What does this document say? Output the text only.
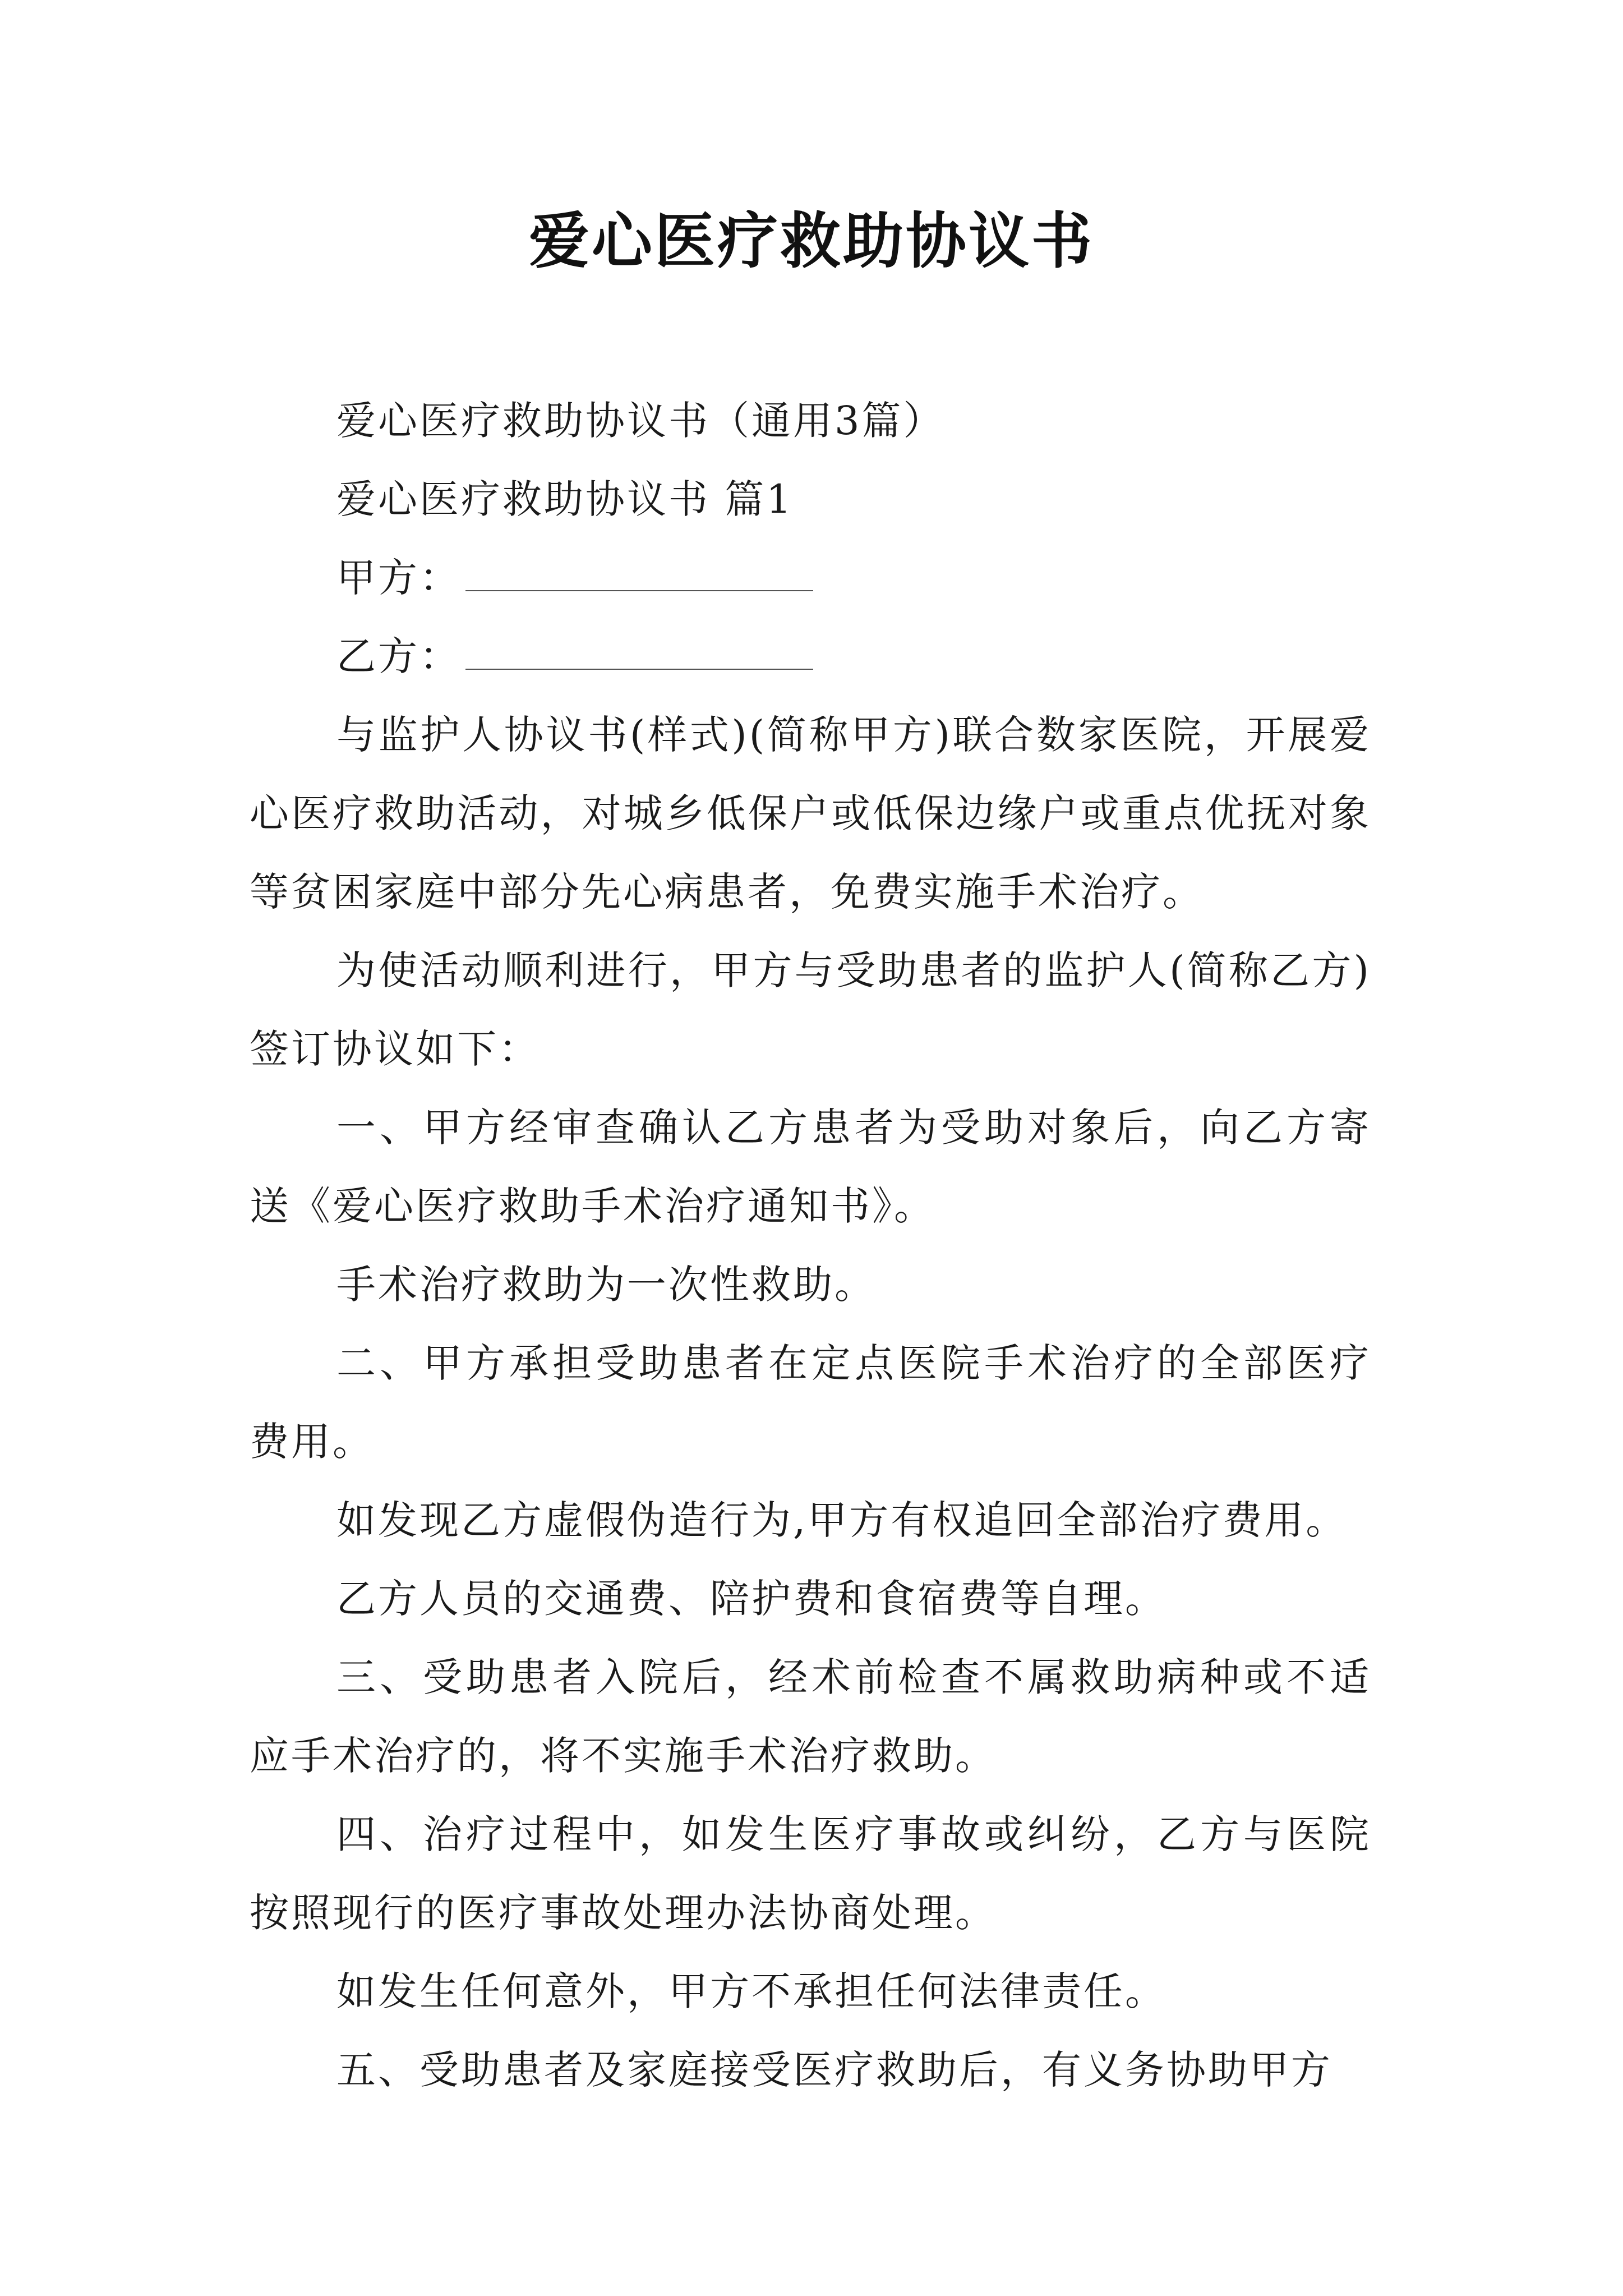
爱心医疗救助协议书

爱心医疗救助协议书（通用3篇）

爱心医疗救助协议书 篇1

甲方：

乙方：

与监护人协议书(样式)(简称甲方)联合数家医院，开展爱心医疗救助活动，对城乡低保户或低保边缘户或重点优抚对象等贫困家庭中部分先心病患者，免费实施手术治疗。

为使活动顺利进行，甲方与受助患者的监护人(简称乙方)签订协议如下：

一、甲方经审查确认乙方患者为受助对象后，向乙方寄送《爱心医疗救助手术治疗通知书》。

手术治疗救助为一次性救助。

二、甲方承担受助患者在定点医院手术治疗的全部医疗费用。

如发现乙方虚假伪造行为,甲方有权追回全部治疗费用。

乙方人员的交通费、陪护费和食宿费等自理。

三、受助患者入院后，经术前检查不属救助病种或不适应手术治疗的，将不实施手术治疗救助。

四、治疗过程中，如发生医疗事故或纠纷，乙方与医院按照现行的医疗事故处理办法协商处理。

如发生任何意外，甲方不承担任何法律责任。

五、受助患者及家庭接受医疗救助后，有义务协助甲方
